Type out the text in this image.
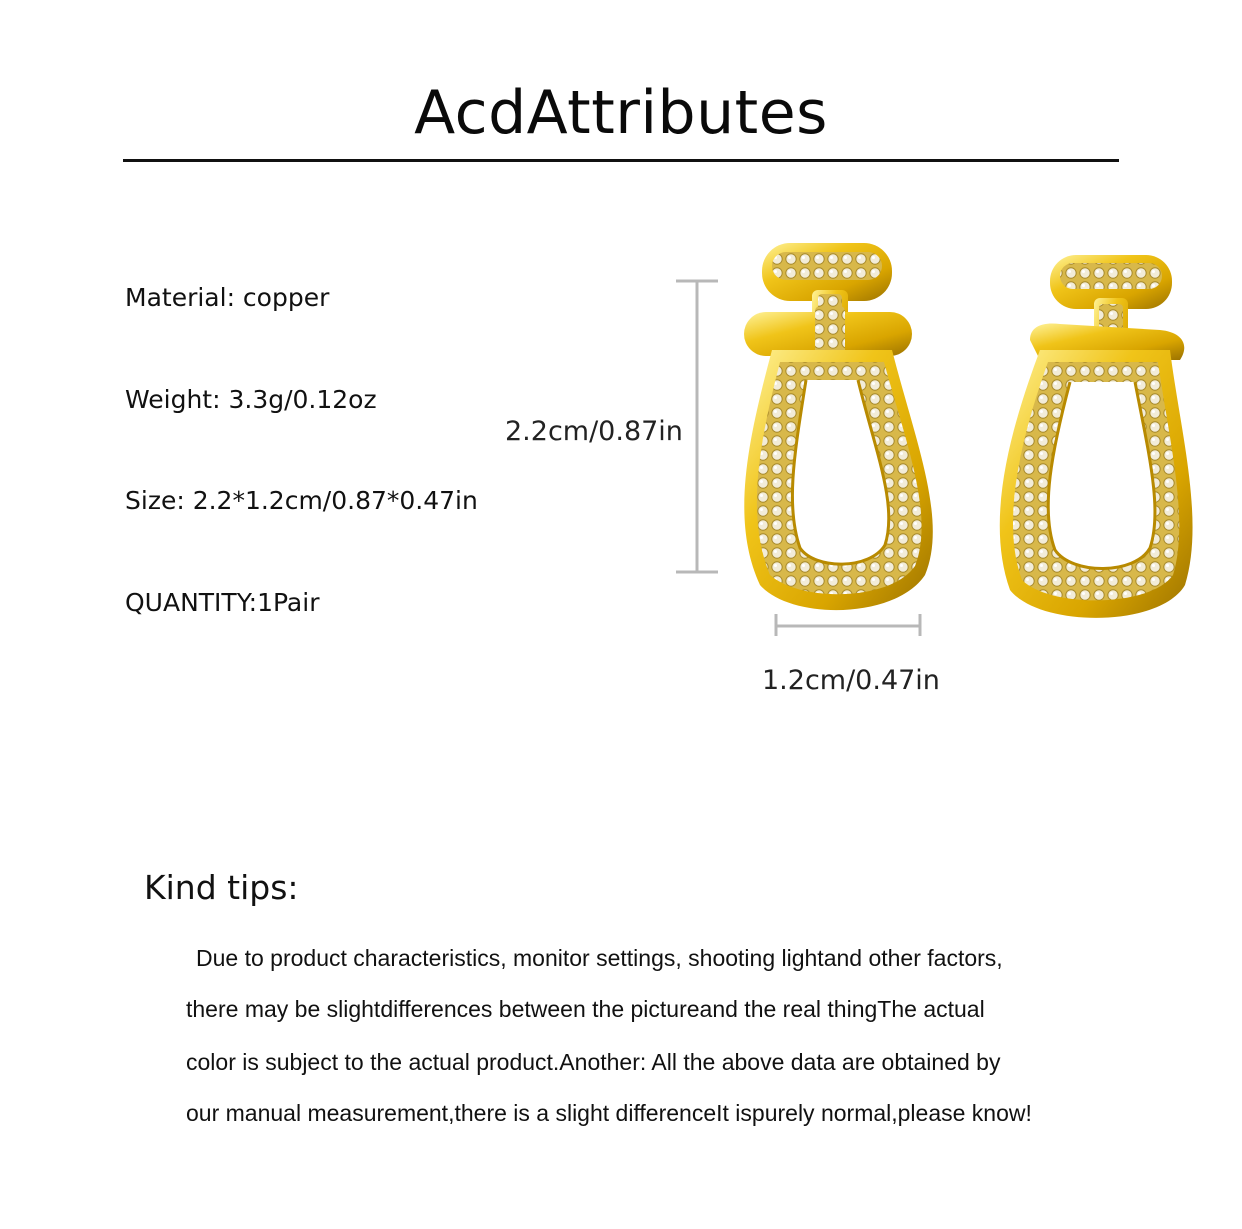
AcdAttributes

Material: copper

Weight: 3.3g/0.12oz

Size: 2.2*1.2cm/0.87*0.47in

QUANTITY:1Pair

2.2cm/0.87in
1.2cm/0.47in
Kind tips:
Due to product characteristics, monitor settings, shooting lightand other factors,
there may be slightdifferences between the pictureand the real thingThe actual
color is subject to the actual product.Another: All the above data are obtained by
our manual measurement,there is a slight differenceIt ispurely normal,please know!
